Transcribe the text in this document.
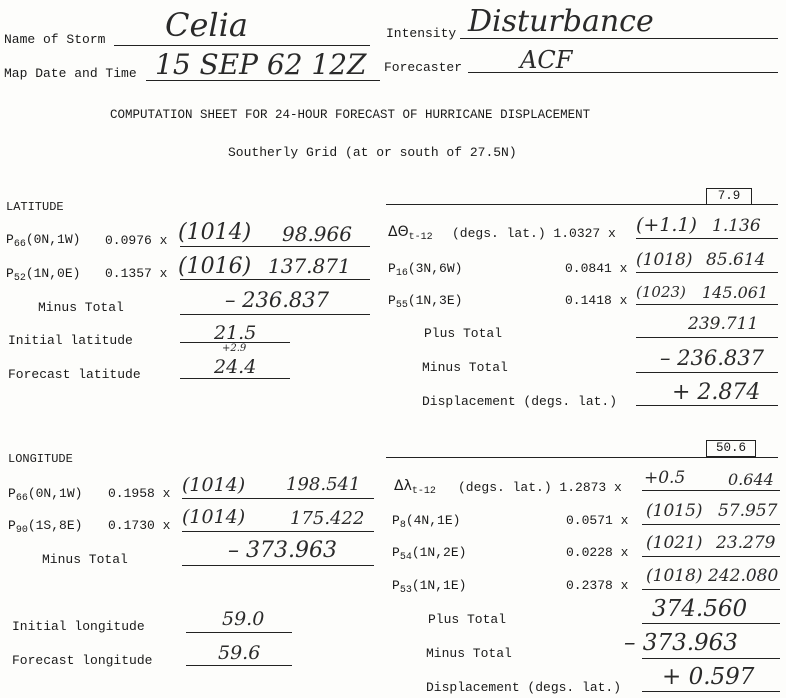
Name of Storm Celia	Intensity Disturbance
Map Date and Time 15 SEP 62 12Z Forecaster ACF
COMPUTATION SHEET FOR 24-HOUR FORECAST OF HURRICANE DISPLACEMENT
Southerly Grid (at or south of 27.5N)
LATITUDE
7.9
$P_{66}(0N,1W)$ 0.0976 x (1014) 98.966
$P_{52}(1N,0E)$ 0.1357 x (1016) 137.871
Minus Total	– 236.837
Initial latitude	21.5
+2.9
Forecast latitude	24.4
$\Delta\Theta_{t-12}$ (degs. lat.) 1.0327 x (+1.1) 1.136
$P_{16}(3N,6W)$	0.0841 x (1018) 85.614
$P_{55}(1N,3E)$	0.1418 x (1023) 145.061
Plus Total	239.711
Minus Total	– 236.837
Displacement (degs. lat.) + 2.874
LONGITUDE
50.6
$P_{66}(0N,1W)$ 0.1958 x (1014) 198.541
$P_{90}(1S,8E)$ 0.1730 x (1014) 175.422
Minus Total	– 373.963
Initial longitude	59.0
Forecast longitude	59.6
$\Delta\lambda_{t-12}$ (degs. lat.) 1.2873 x +0.5	0.644
$P_8(4N,1E)$	0.0571 x (1015) 57.957
$P_{54}(1N,2E)$	0.0228 x (1021) 23.279
$P_{53}(1N,1E)$	0.2378 x (1018) 242.080
Plus Total	374.560
Minus Total	– 373.963
Displacement (degs. lat.) + 0.597
